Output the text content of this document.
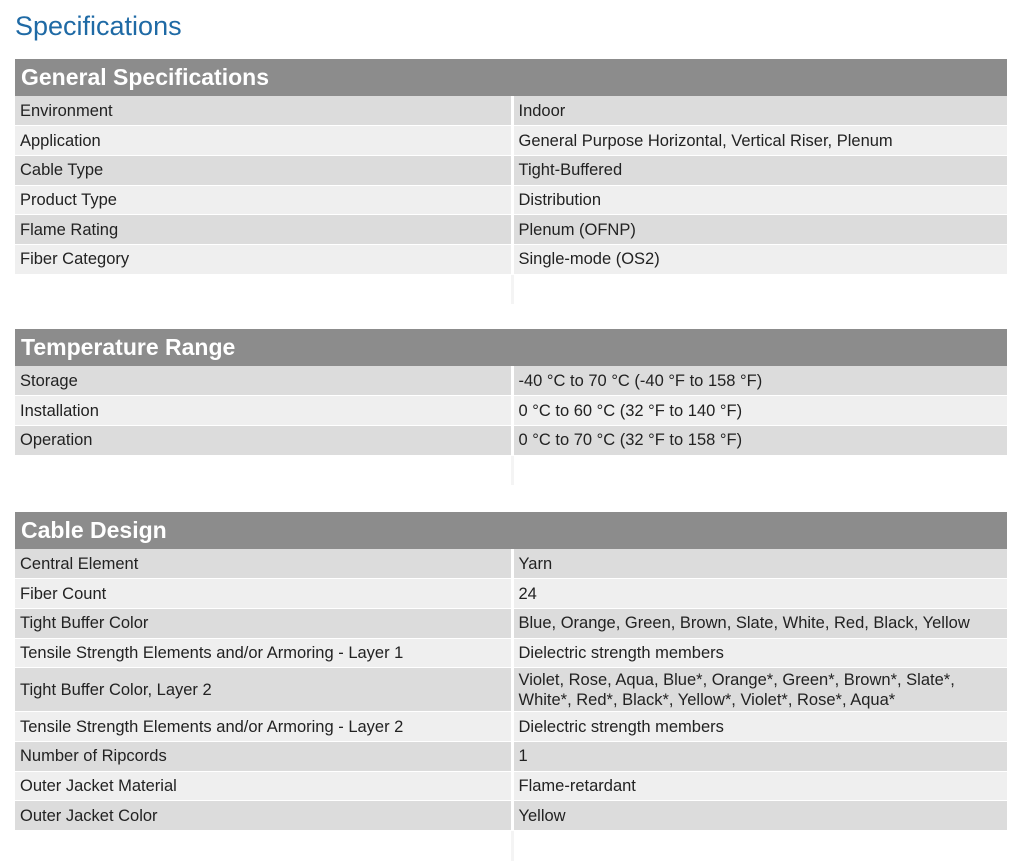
Specifications
General Specifications
Environment	Indoor
Application	General Purpose Horizontal, Vertical Riser, Plenum
Cable Type	Tight-Buffered
Product Type	Distribution
Flame Rating	Plenum (OFNP)
Fiber Category	Single-mode (OS2)

Temperature Range
Storage	-40 °C to 70 °C (-40 °F to 158 °F)
Installation	0 °C to 60 °C (32 °F to 140 °F)
Operation	0 °C to 70 °C (32 °F to 158 °F)

Cable Design
Central Element	Yarn
Fiber Count	24
Tight Buffer Color	Blue, Orange, Green, Brown, Slate, White, Red, Black, Yellow
Tensile Strength Elements and/or Armoring - Layer 1	Dielectric strength members
Tight Buffer Color, Layer 2	Violet, Rose, Aqua, Blue*, Orange*, Green*, Brown*, Slate*, White*, Red*, Black*, Yellow*, Violet*, Rose*, Aqua*
Tensile Strength Elements and/or Armoring - Layer 2	Dielectric strength members
Number of Ripcords	1
Outer Jacket Material	Flame-retardant
Outer Jacket Color	Yellow
